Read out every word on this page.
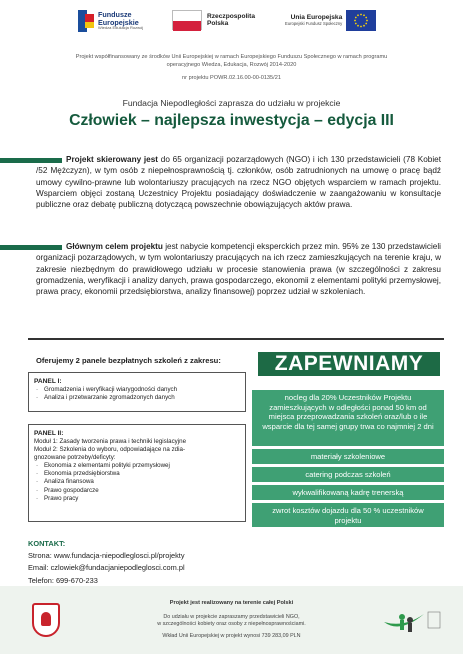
Fundusze Europejskie
Wiedza Edukacja Rozwój
Rzeczpospolita Polska
Unia Europejska
Europejski Fundusz Społeczny
Projekt współfinansowany ze środków Unii Europejskiej w ramach Europejskiego Funduszu Społecznego w ramach programu operacyjnego Wiedza, Edukacja, Rozwój 2014-2020
nr projektu POWR.02.16.00-00-0135/21
Fundacja Niepodległości zaprasza do udziału w projekcie
Człowiek – najlepsza inwestycja – edycja III
Projekt skierowany jest do 65 organizacji pozarządowych (NGO) i ich 130 przedstawicieli (78 Kobiet /52 Mężczyzn), w tym osób z niepełnosprawnością tj. członków, osób zatrudnionych na umowę o pracę bądź umowy cywilno-prawne lub wolontariuszy pracujących na rzecz NGO objętych wsparciem w ramach projektu. Wsparciem objęci zostaną Uczestnicy Projektu posiadający doświadczenie w zaangażowaniu w konsultacje publiczne oraz debatę publiczną dotyczącą powszechnie obowiązujących aktów prawa.
Głównym celem projektu jest nabycie kompetencji eksperckich przez min. 95% ze 130 przedstawicieli organizacji pozarządowych, w tym wolontariuszy pracujących na ich rzecz zamieszkujących na terenie kraju, w zakresie niezbędnym do prawidłowego udziału w procesie stanowienia prawa (w szczególności z zakresu gromadzenia, weryfikacji i analizy danych, prawa gospodarczego, ekonomii z elementami polityki przemysłowej, prawa pracy, ekonomii przedsiębiorstwa, analizy finansowej) poprzez udział w szkoleniach.
Oferujemy 2 panele bezpłatnych szkoleń z zakresu:
PANEL I:
· Gromadzenia i weryfikacji wiarygodności danych
· Analiza i przetwarzanie zgromadzonych danych
PANEL II:
Moduł 1: Zasady tworzenia prawa i techniki legislacyjne
Moduł 2: Szkolenia do wyboru, odpowiadające na zdia-
gnozowane potrzeby/deficyty:
· Ekonomia z elementami polityki przemysłowej
· Ekonomia przedsiębiorstwa
· Analiza finansowa
· Prawo gospodarcze
· Prawo pracy
ZAPEWNIAMY
nocleg dla 20% Uczestników Projektu zamieszkujących w odległości ponad 50 km od miejsca przeprowadzania szkoleń oraz/lub o ile wsparcie dla tej samej grupy trwa co najmniej 2 dni
materiały szkoleniowe
catering podczas szkoleń
wykwalifikowaną kadrę trenerską
zwrot kosztów dojazdu dla 50 % uczestników projektu
KONTAKT:
Strona: www.fundacja-niepodleglosci.pl/projekty
Email: czlowiek@fundacjaniepodleglosci.com.pl
Telefon: 699-670-233
Projekt jest realizowany na terenie całej Polski
Do udziału w projekcie zapraszamy przedstawicieli NGO,
w szczególności kobiety oraz osoby z niepełnosprawnościami.
Wkład Unii Europejskiej w projekt wynosi 739 283,09 PLN
